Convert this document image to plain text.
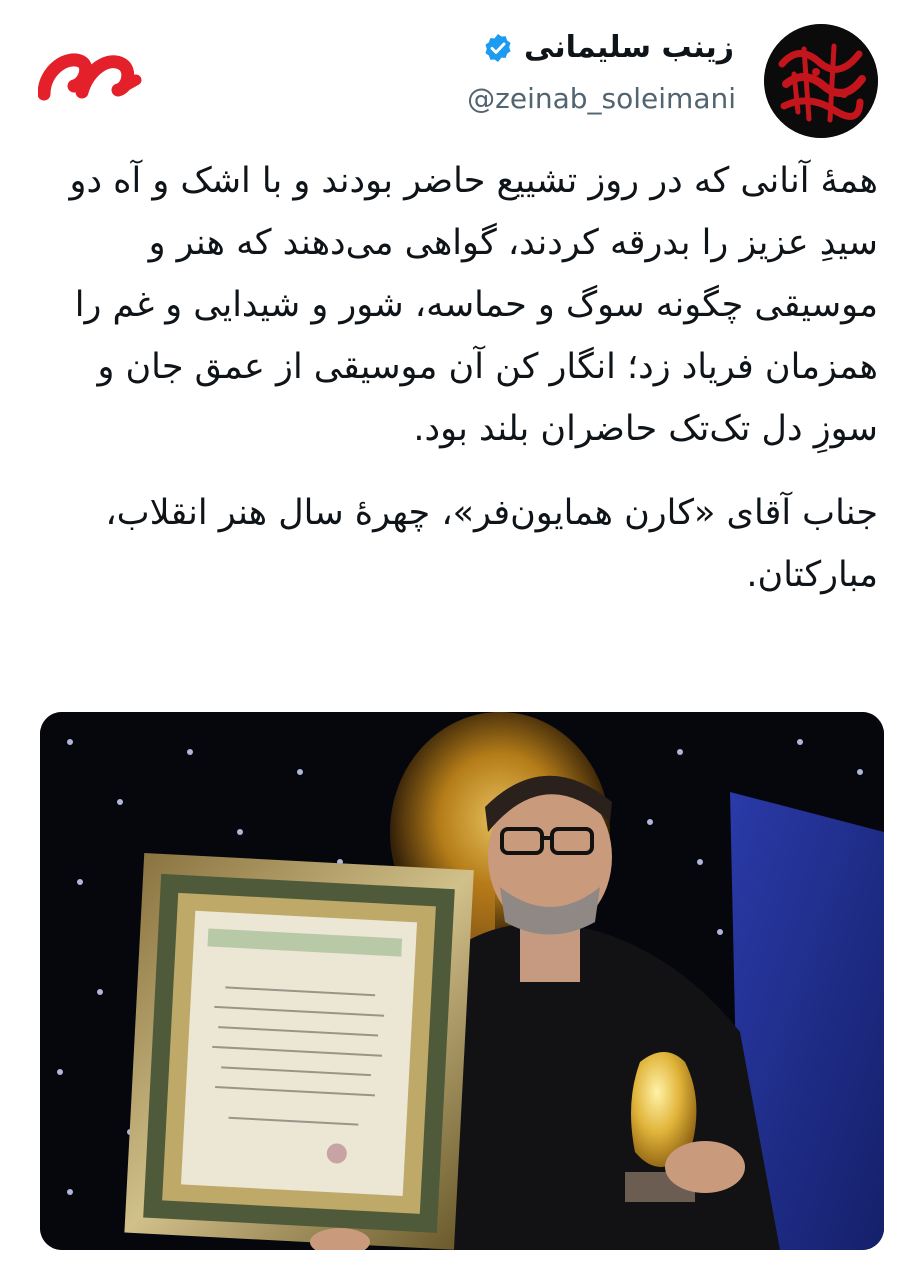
زینب سلیمانی
@zeinab_soleimani

همهٔ آنانی که در روز تشییع حاضر بودند و با اشک و آه دو سیدِ عزیز را بدرقه کردند، گواهی می‌دهند که هنر و موسیقی چگونه سوگ و حماسه، شور و شیدایی و غم را همزمان فریاد زد؛ انگار کن آن موسیقی از عمق جان و سوزِ دل تک‌تک حاضران بلند بود.

جناب آقای «کارن همایون‌فر»، چهرهٔ سال هنر انقلاب، مبارکتان.
